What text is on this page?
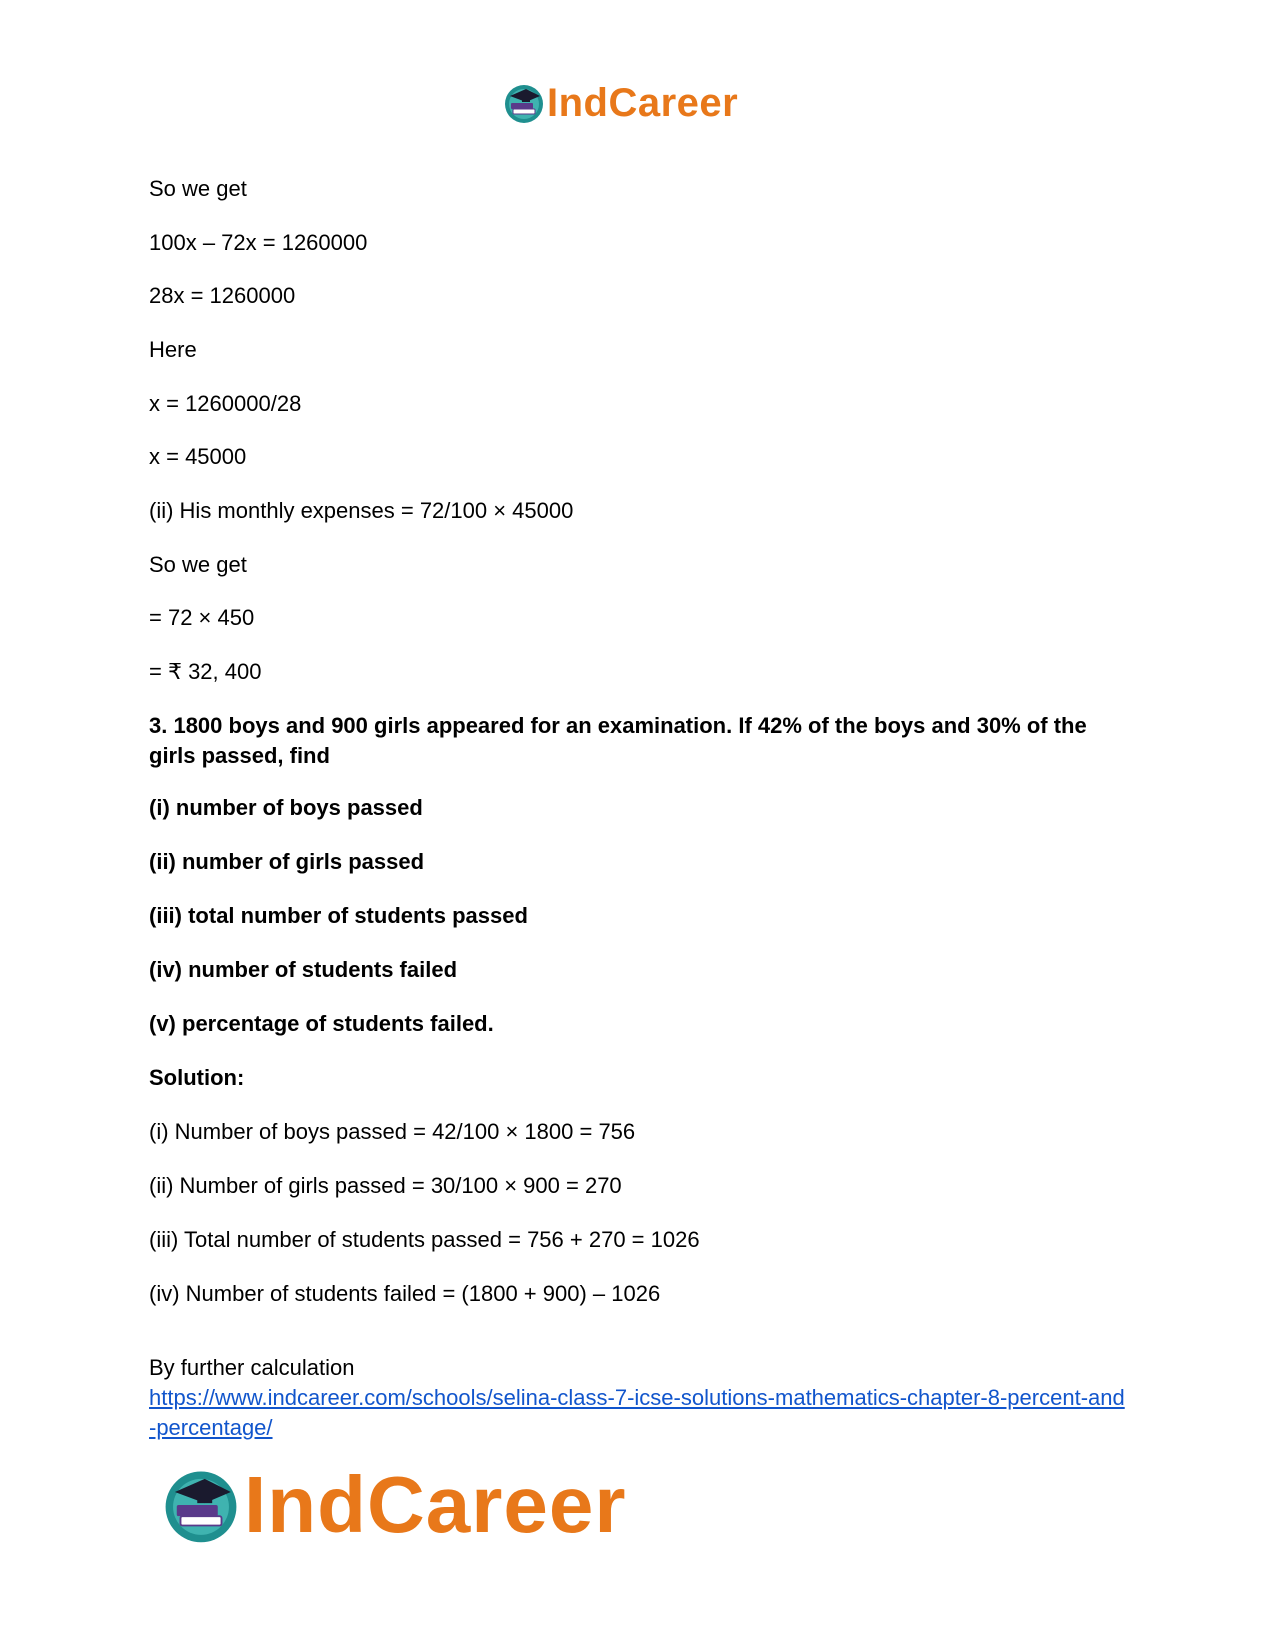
IndCareer
So we get
100x – 72x = 1260000
28x = 1260000
Here
x = 1260000/28
x = 45000
(ii) His monthly expenses = 72/100 × 45000
So we get
= 72 × 450
= ₹ 32, 400
3. 1800 boys and 900 girls appeared for an examination. If 42% of the boys and 30% of the girls passed, find
(i) number of boys passed
(ii) number of girls passed
(iii) total number of students passed
(iv) number of students failed
(v) percentage of students failed.
Solution:
(i) Number of boys passed = 42/100 × 1800 = 756
(ii) Number of girls passed = 30/100 × 900 = 270
(iii) Total number of students passed = 756 + 270 = 1026
(iv) Number of students failed = (1800 + 900) – 1026
By further calculation
https://www.indcareer.com/schools/selina-class-7-icse-solutions-mathematics-chapter-8-percent-and-percentage/
IndCareer
